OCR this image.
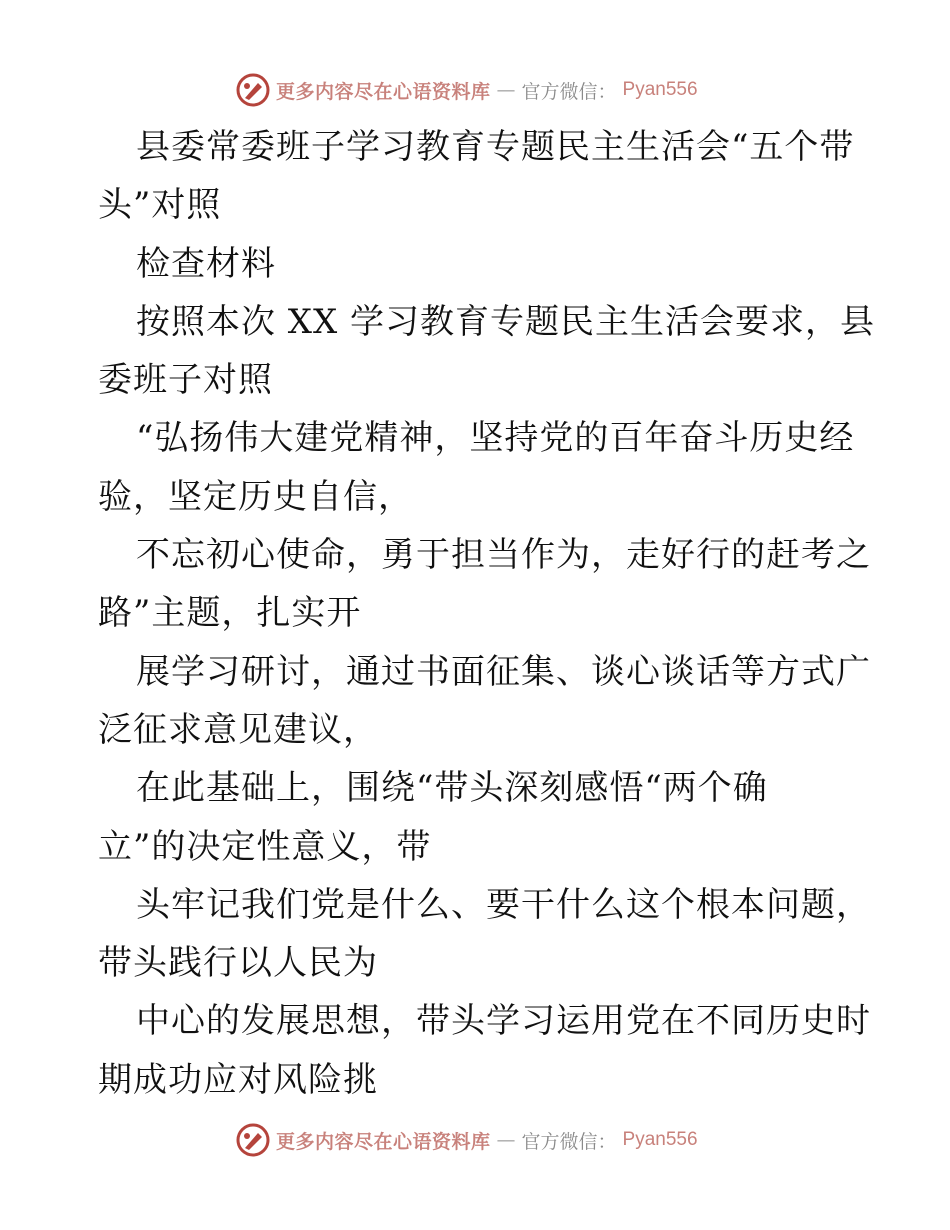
更多内容尽在心语资料库 — 官方微信： Pyan556
县委常委班子学习教育专题民主生活会“五个带
头”对照
检查材料
按照本次 XX 学习教育专题民主生活会要求，县
委班子对照
“弘扬伟大建党精神，坚持党的百年奋斗历史经
验，坚定历史自信，
不忘初心使命，勇于担当作为，走好行的赶考之
路”主题，扎实开
展学习研讨，通过书面征集、谈心谈话等方式广
泛征求意见建议，
在此基础上，围绕“带头深刻感悟“两个确
立”的决定性意义，带
头牢记我们党是什么、要干什么这个根本问题，
带头践行以人民为
中心的发展思想，带头学习运用党在不同历史时
期成功应对风险挑
更多内容尽在心语资料库 — 官方微信： Pyan556
